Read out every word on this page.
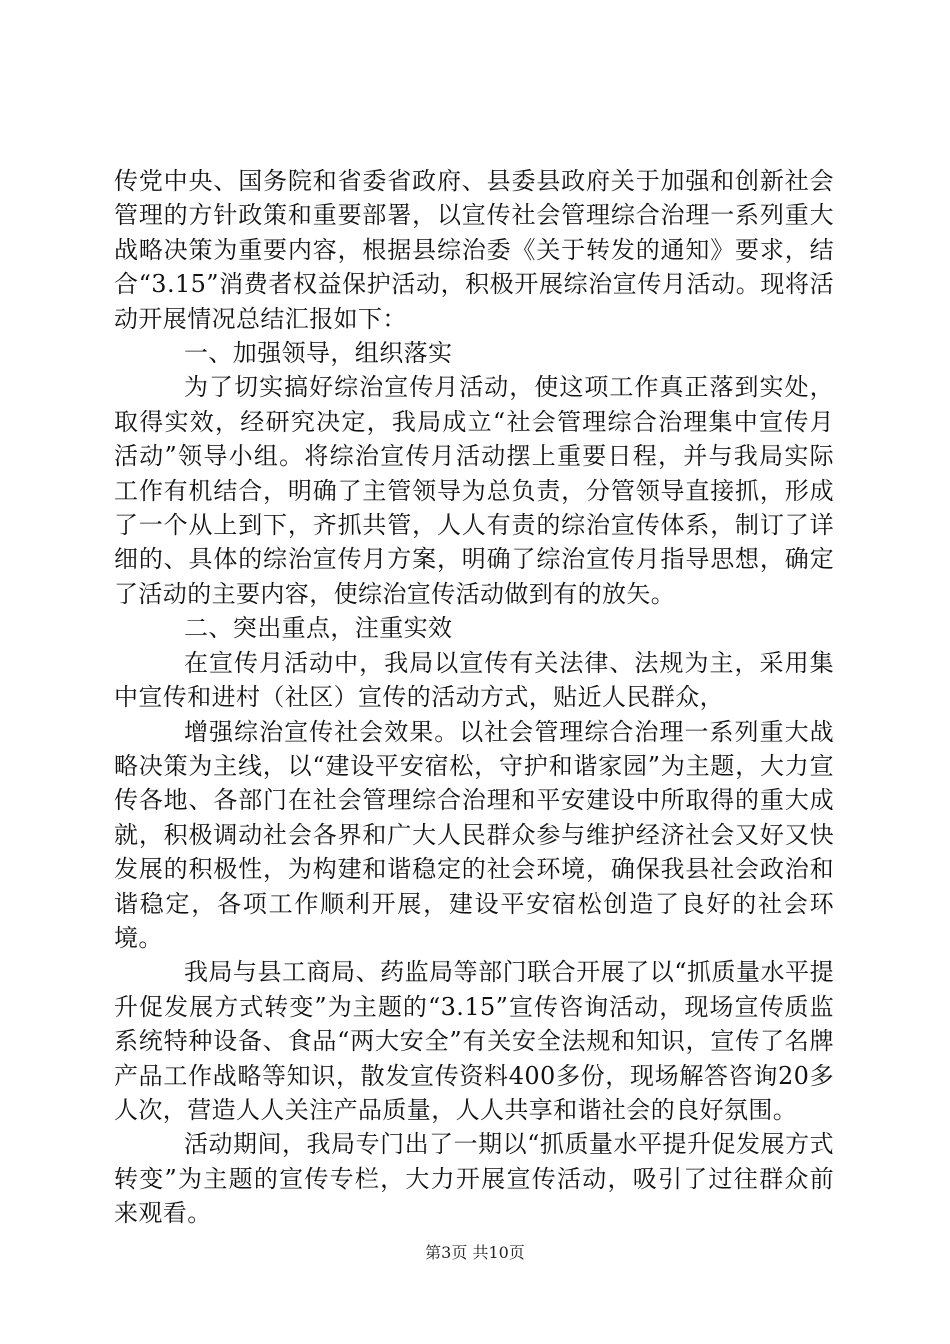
传党中央、国务院和省委省政府、县委县政府关于加强和创新社会管理的方针政策和重要部署，以宣传社会管理综合治理一系列重大战略决策为重要内容，根据县综治委《关于转发的通知》要求，结合“3.15”消费者权益保护活动，积极开展综治宣传月活动。现将活动开展情况总结汇报如下：

一、加强领导，组织落实

为了切实搞好综治宣传月活动，使这项工作真正落到实处，取得实效，经研究决定，我局成立“社会管理综合治理集中宣传月活动”领导小组。将综治宣传月活动摆上重要日程，并与我局实际工作有机结合，明确了主管领导为总负责，分管领导直接抓，形成了一个从上到下，齐抓共管，人人有责的综治宣传体系，制订了详细的、具体的综治宣传月方案，明确了综治宣传月指导思想，确定了活动的主要内容，使综治宣传活动做到有的放矢。

二、突出重点，注重实效

在宣传月活动中，我局以宣传有关法律、法规为主，采用集中宣传和进村（社区）宣传的活动方式，贴近人民群众，

增强综治宣传社会效果。以社会管理综合治理一系列重大战略决策为主线，以“建设平安宿松，守护和谐家园”为主题，大力宣传各地、各部门在社会管理综合治理和平安建设中所取得的重大成就，积极调动社会各界和广大人民群众参与维护经济社会又好又快发展的积极性，为构建和谐稳定的社会环境，确保我县社会政治和谐稳定，各项工作顺利开展，建设平安宿松创造了良好的社会环境。

我局与县工商局、药监局等部门联合开展了以“抓质量水平提升促发展方式转变”为主题的“3.15”宣传咨询活动，现场宣传质监系统特种设备、食品“两大安全”有关安全法规和知识，宣传了名牌产品工作战略等知识，散发宣传资料400多份，现场解答咨询20多人次，营造人人关注产品质量，人人共享和谐社会的良好氛围。

活动期间，我局专门出了一期以“抓质量水平提升促发展方式转变”为主题的宣传专栏，大力开展宣传活动，吸引了过往群众前来观看。

第3页 共10页
